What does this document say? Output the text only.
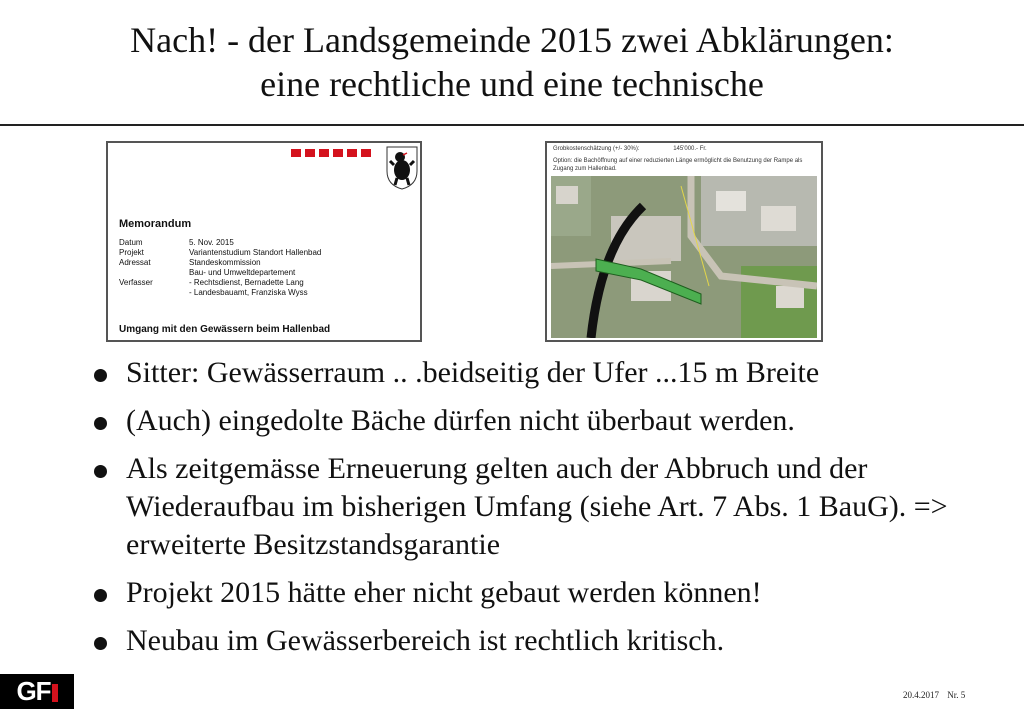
Nach! - der Landsgemeinde 2015 zwei Abklärungen:
eine rechtliche und eine technische
Memorandum
Datum	5. Nov. 2015
Projekt	Variantenstudium Standort Hallenbad
Adressat	Standeskommission
	Bau- und Umweltdepartement
Verfasser	- Rechtsdienst, Bernadette Lang
	- Landesbauamt, Franziska Wyss
Umgang mit den Gewässern beim Hallenbad
Grobkostenschätzung (+/- 30%):	145'000.- Fr.
Option: die Bachöffnung auf einer reduzierten Länge ermöglicht die Benutzung der Rampe als Zugang zum Hallenbad.
Sitter: Gewässerraum .. .beidseitig der Ufer ...15 m Breite
(Auch) eingedolte Bäche dürfen nicht überbaut werden.
Als zeitgemässe Erneuerung gelten auch der Abbruch und der Wiederaufbau im bisherigen Umfang (siehe Art. 7 Abs. 1 BauG). => erweiterte Besitzstandsgarantie
Projekt 2015 hätte eher nicht gebaut werden können!
Neubau im Gewässerbereich ist rechtlich kritisch.
GF	20.4.2017 Nr. 5
